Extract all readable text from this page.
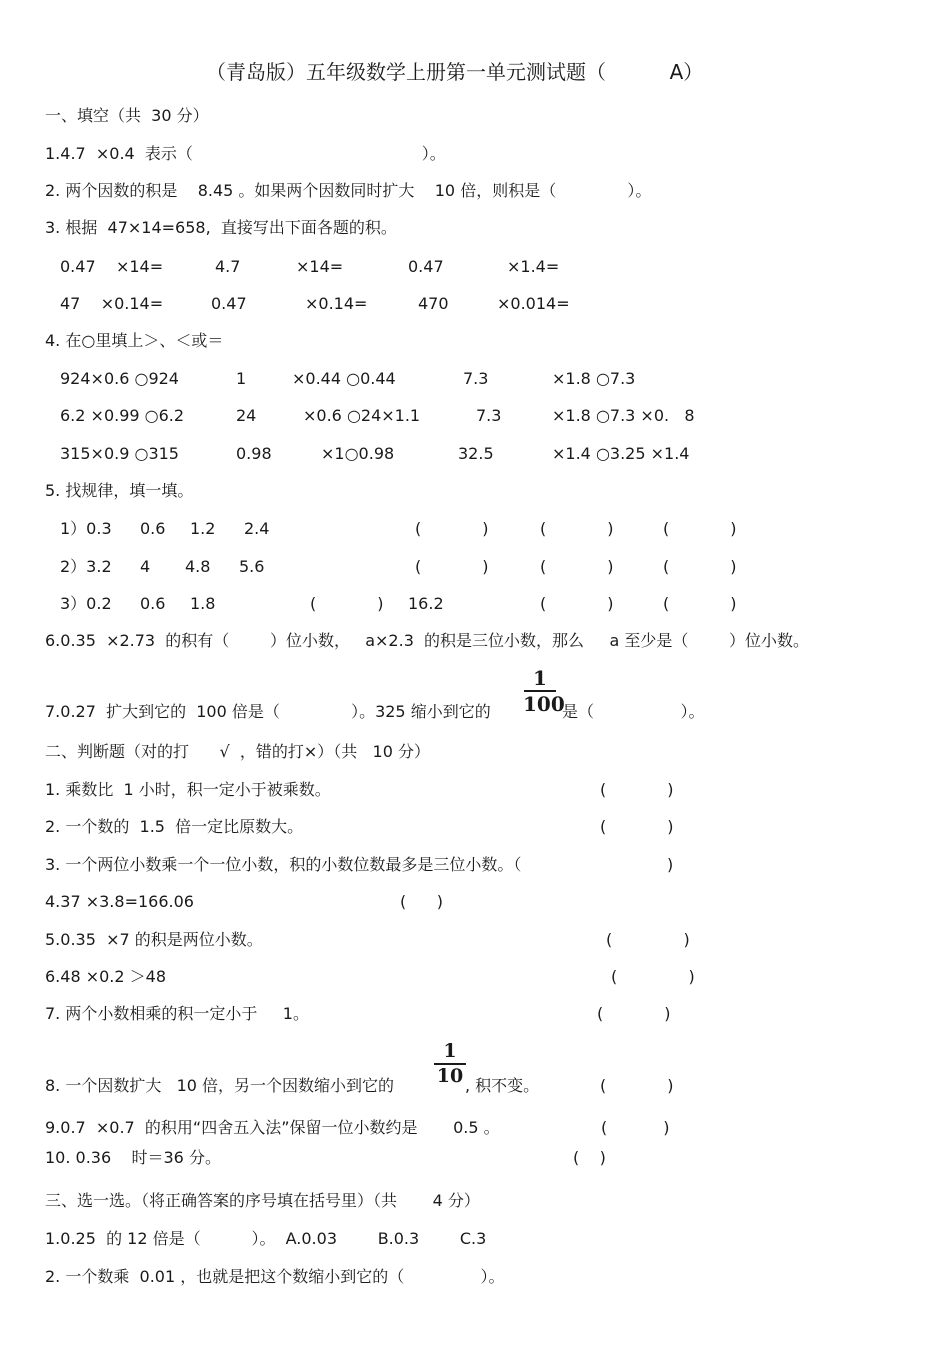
（青岛版）五年级数学上册第一单元测试题（          A）
一、填空（共  30 分）
1.4.7  ×0.4  表示（                                             ）。
2. 两个因数的积是    8.45 。如果两个因数同时扩大    10 倍，则积是（              ）。
3. 根据  47×14=658,  直接写出下面各题的积。
0.47    ×14=	4.7	×14=	0.47	×1.4=
47    ×0.14=	0.47	×0.14=	470	×0.014=
4. 在○里填上＞、＜或＝
924×0.6 ○924	1	×0.44 ○0.44	7.3	×1.8 ○7.3
6.2 ×0.99 ○6.2	24	×0.6 ○24×1.1	7.3	×1.8 ○7.3 ×0.   8
315×0.9 ○315	0.98	×1○0.98	32.5	×1.4 ○3.25 ×1.4
5. 找规律，填一填。
1）0.3 0.6 1.2 2.4	(            )	(            )	(            )
2）3.2 4 4.8 5.6	(            )	(            )	(            )
3）0.2 0.6 1.8	(            ) 16.2	(            )	(            )
6.0.35  ×2.73  的积有（        ）位小数，   a×2.3  的积是三位小数，那么     a 至少是（        ）位小数。
7.0.27  扩大到它的  100 倍是（              ）。325 缩小到它的
1
100
是（                 ）。
二、判断题（对的打      √  ，错的打×）（共   10 分）
1. 乘数比  1 小时，积一定小于被乘数。	(            )
2. 一个数的  1.5  倍一定比原数大。	(            )
3. 一个两位小数乘一个一位小数，积的小数位数最多是三位小数。（	)
4.37 ×3.8=166.06	(      )
5.0.35  ×7 的积是两位小数。	(              )
6.48 ×0.2 ＞48	(              )
7. 两个小数相乘的积一定小于     1。	(            )
8. 一个因数扩大   10 倍，另一个因数缩小到它的
1
10 , 积不变。	(            )
9.0.7  ×0.7  的积用“四舍五入法”保留一位小数约是       0.5 。	(           )
10. 0.36    时＝36 分。	(    )
三、选一选。（将正确答案的序号填在括号里）（共       4 分）
1.0.25  的 12 倍是（          ）。  A.0.03        B.0.3        C.3
2. 一个数乘  0.01 ，也就是把这个数缩小到它的（               ）。
